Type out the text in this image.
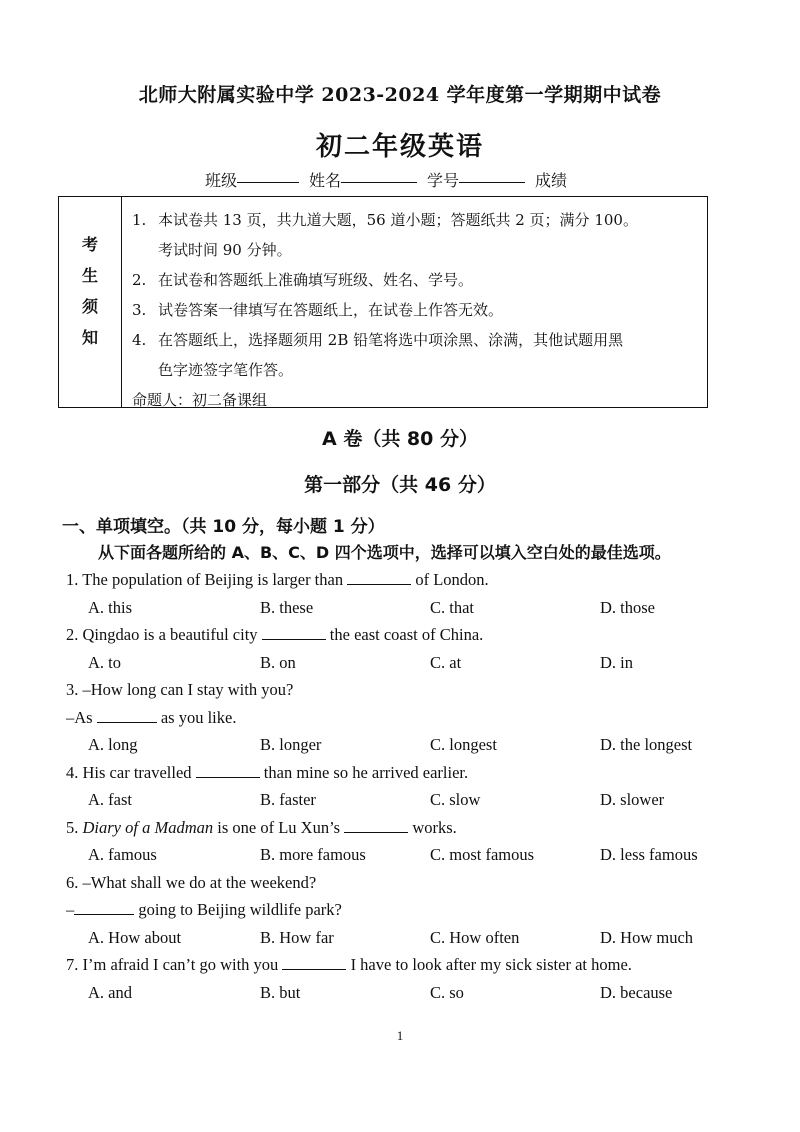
北师大附属实验中学 2023-2024 学年度第一学期期中试卷
初二年级英语
班级	姓名	学号	成绩
考
生
须
知
1. 本试卷共 13 页，共九道大题，56 道小题；答题纸共 2 页；满分 100。
考试时间 90 分钟。
2. 在试卷和答题纸上准确填写班级、姓名、学号。
3. 试卷答案一律填写在答题纸上，在试卷上作答无效。
4. 在答题纸上，选择题须用 2B 铅笔将选中项涂黑、涂满，其他试题用黑
色字迹签字笔作答。
命题人：初二备课组
A 卷（共 80 分）
第一部分（共 46 分）
一、单项填空。（共 10 分，每小题 1 分）
从下面各题所给的 A、B、C、D 四个选项中，选择可以填入空白处的最佳选项。
1. The population of Beijing is larger than	of London.
A. this	B. these	C. that	D. those
2. Qingdao is a beautiful city	the east coast of China.
A. to	B. on	C. at	D. in
3. –How long can I stay with you?
–As	as you like.
A. long	B. longer	C. longest	D. the longest
4. His car travelled	than mine so he arrived earlier.
A. fast	B. faster	C. slow	D. slower
5. Diary of a Madman is one of Lu Xun’s	works.
A. famous	B. more famous	C. most famous	D. less famous
6. –What shall we do at the weekend?
–	going to Beijing wildlife park?
A. How about	B. How far	C. How often	D. How much
7. I’m afraid I can’t go with you	I have to look after my sick sister at home.
A. and	B. but	C. so	D. because
1
